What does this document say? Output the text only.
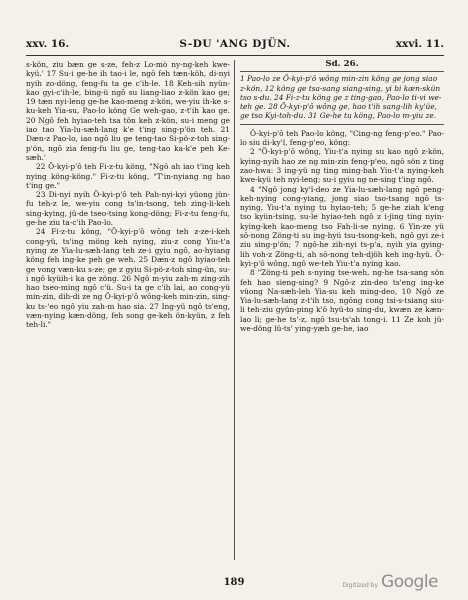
xxv. 16.	S-DU 'ANG DJÜN.	xxvi. 11.

s-kön, ziu bæn ge s-ze, feh-z Lo-mò ny-ng-keh kwe-kyü.' 17 Su-i ge-he ih tao-i le, ngô feh tæn-köh, di-nyi nyih zo-döng, feng-fu ta ge c'ih-le. 18 Keh-sih nyün-kao gyi-c'ih-le, bing-ü ngô su liang-liao z-kön kao ge; 19 tæn nyi-leng ge-he kao-meng z-kön, we-yiu ih-ke s-ku-keh Yia-su, Pao-lo köng Ge weh-gao, z-t'ih kao ge. 20 Ngô feh hyiao-teh tsa tön keh z-kön, su-i meng ge iao tao Yia-lu-sæh-lang k'e t'ing sing-p'ön teh. 21 Dæn-z Pao-lo, iao ngô liu ge teng-tao Si-pö-z-toh sing-p'ön, ngô zia feng-fu liu ge, teng-tao ka-k'e peh Ke-sæh.'

22 Ö-kyi-p'ô teh Fi-z-tu köng, "Ngô ah iao t'ing keh nying köng-köng." Fi-z-tu köng, "T'in-nyiang ng hao t'ing ge."

23 Di-nyi nyih Ö-kyi-p'ô teh Pah-nyi-kyi yüong jün-fu teh-z le, we-yiu cong ts'in-tsong, teh zing-li-keh sing-kying, jü-de tseo-tsing kong-döng; Fi-z-tu feng-fu, ge-he ziu ta-c'ih Pao-lo.

24 Fi-z-tu köng, "Ö-kyi-p'ô wông teh z-ze-i-keh cong-yü, ts'ing möng keh nying, ziu-z cong Yiu-t'a nying ze Yia-lu-sæh-lang teh ze-i gyiu ngô, ao-hyiang köng feh ing-ke peh ge weh. 25 Dæn-z ngô hyiao-teh ge vong væn-ku s-ze; ge z gyiu Si-pö-z-toh sing-ün, su-i ngô kyüih-i ka ge zöng. 26 Ngô m-yiu zah-m zing-zih hao tseo-ming ngô c'ü. Su-i ta ge c'ih lai, ao cong-yü min-zin, dih-di ze ng Ö-kyi-p'ô wông-keh min-zin, sing-ku ts-'eo ngô yiu zah-m hao sia. 27 Ing-yü ngô ts'eng, væn-nying kæn-döng, feh song ge-keh ön-kyün, z feh teh-li."

Sd. 26.
1 Pao-lo ze Ö-kyi-p'ô wông min-zin köng ge jong siao z-kön, 12 köng ge tsa-sang siang-sing, yi bi kæn-skün tso s-du. 24 Fi-z-tu köng ge z ting-gao, Pao-lo ti-vi we-teh ge. 28 Ö-kyi-p'ô wông ge, hao t'ih sang-lih ky'üe, ge tso Kyi-toh-du. 31 Ge-he tu köng, Pao-lo m-yiu ze.

Ö-kyi-p'ô teh Pao-lo köng, "Cing-ng feng-p'eo." Pao-lo siu di-ky'ï, feng-p'eo, köng:

2 "Ö-kyi-p'ô wông, Yiu-t'a nying su kao ngô z-kön, kying-nyih hao ze ng min-zin feng-p'eo, ngô sön z ting zao-hwa: 3 ing-yü ng ting ming-bah Yiu-t'a nying-keh kwe-kyü teh nyi-leng; su-i gyiu ng ne-sing t'ing ngô.

4 "Ngô jong ky'ï-deo ze Yia-lu-sæh-lang ngô peng-keh-nying cong-yiang, jong siao tso-tsang ngô ts-nying, Yiu-t'a nying tu hyiao-teh; 5 ge-he ziah k'eng tso kyün-tsing, su-le hyiao-teh ngô z i-jing ting nyin-kying-keh kao-meng tso Fah-li-se nying. 6 Yin-ze yü sô-nong Zöng-ti su ing-hyü tsu-tsong-keh, ngô gyi ze-i ziu sing-p'ön; 7 ngô-he zih-nyi ts-p'a, nyih yia gying-lih voh-z Zöng-ti, ah sô-nong teh-djöh keh ing-hyü. Ö-kyi-p'ô wông, ngô we-teh Yiu-t'a nying kao.

8 "Zöng-ti peh s-nying tse-weh, ng-he tsa-sang sön feh hao sieng-sing? 9 Ngô-z zin-deo ts'eng ing-ke vüong Na-sæh-leh Yia-su keh ming-deo, 10 Ngô ze Yia-lu-sæh-lang z-t'ih tso, ngông cong tsi-s-tsiang siu-li teh-ziu gyün-ping k'ô hyü-to sing-du, kwæn ze kæn-lao li; ge-he ts'-z, ngô tsu-ts'ah tong-i. 11 Ze koh jü-we-döng lü-ts' ying-yæh ge-he, iao

189	Digitized by Google
